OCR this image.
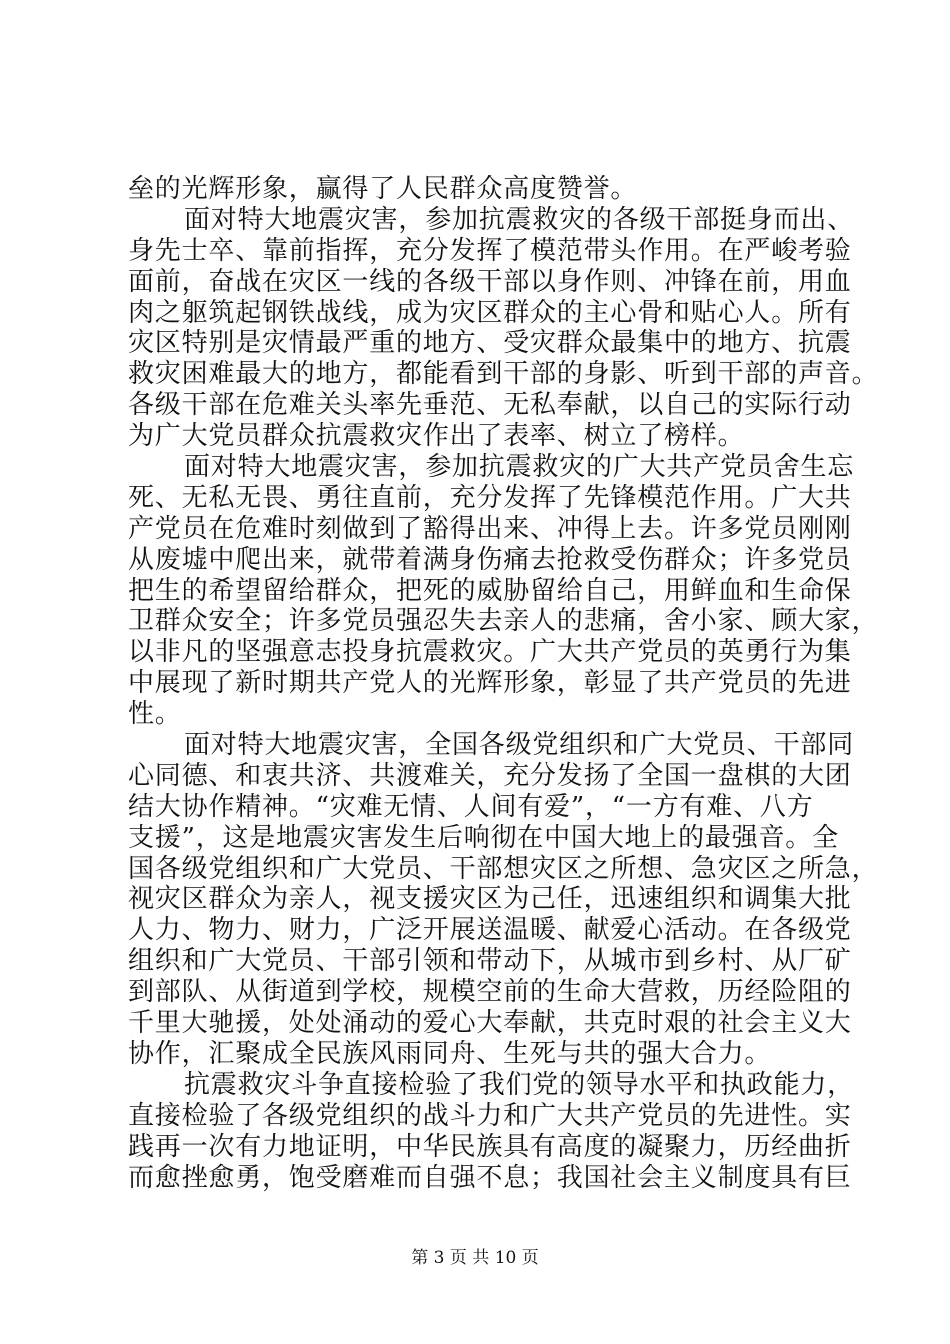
垒的光辉形象，赢得了人民群众高度赞誉。
面对特大地震灾害，参加抗震救灾的各级干部挺身而出、
身先士卒、靠前指挥，充分发挥了模范带头作用。在严峻考验
面前，奋战在灾区一线的各级干部以身作则、冲锋在前，用血
肉之躯筑起钢铁战线，成为灾区群众的主心骨和贴心人。所有
灾区特别是灾情最严重的地方、受灾群众最集中的地方、抗震
救灾困难最大的地方，都能看到干部的身影、听到干部的声音。
各级干部在危难关头率先垂范、无私奉献，以自己的实际行动
为广大党员群众抗震救灾作出了表率、树立了榜样。
面对特大地震灾害，参加抗震救灾的广大共产党员舍生忘
死、无私无畏、勇往直前，充分发挥了先锋模范作用。广大共
产党员在危难时刻做到了豁得出来、冲得上去。许多党员刚刚
从废墟中爬出来，就带着满身伤痛去抢救受伤群众；许多党员
把生的希望留给群众，把死的威胁留给自己，用鲜血和生命保
卫群众安全；许多党员强忍失去亲人的悲痛，舍小家、顾大家，
以非凡的坚强意志投身抗震救灾。广大共产党员的英勇行为集
中展现了新时期共产党人的光辉形象，彰显了共产党员的先进
性。
面对特大地震灾害，全国各级党组织和广大党员、干部同
心同德、和衷共济、共渡难关，充分发扬了全国一盘棋的大团
结大协作精神。“灾难无情、人间有爱”，“一方有难、八方
支援”，这是地震灾害发生后响彻在中国大地上的最强音。全
国各级党组织和广大党员、干部想灾区之所想、急灾区之所急，
视灾区群众为亲人，视支援灾区为己任，迅速组织和调集大批
人力、物力、财力，广泛开展送温暖、献爱心活动。在各级党
组织和广大党员、干部引领和带动下，从城市到乡村、从厂矿
到部队、从街道到学校，规模空前的生命大营救，历经险阻的
千里大驰援，处处涌动的爱心大奉献，共克时艰的社会主义大
协作，汇聚成全民族风雨同舟、生死与共的强大合力。
抗震救灾斗争直接检验了我们党的领导水平和执政能力，
直接检验了各级党组织的战斗力和广大共产党员的先进性。实
践再一次有力地证明，中华民族具有高度的凝聚力，历经曲折
而愈挫愈勇，饱受磨难而自强不息；我国社会主义制度具有巨
第 3 页 共 10 页
